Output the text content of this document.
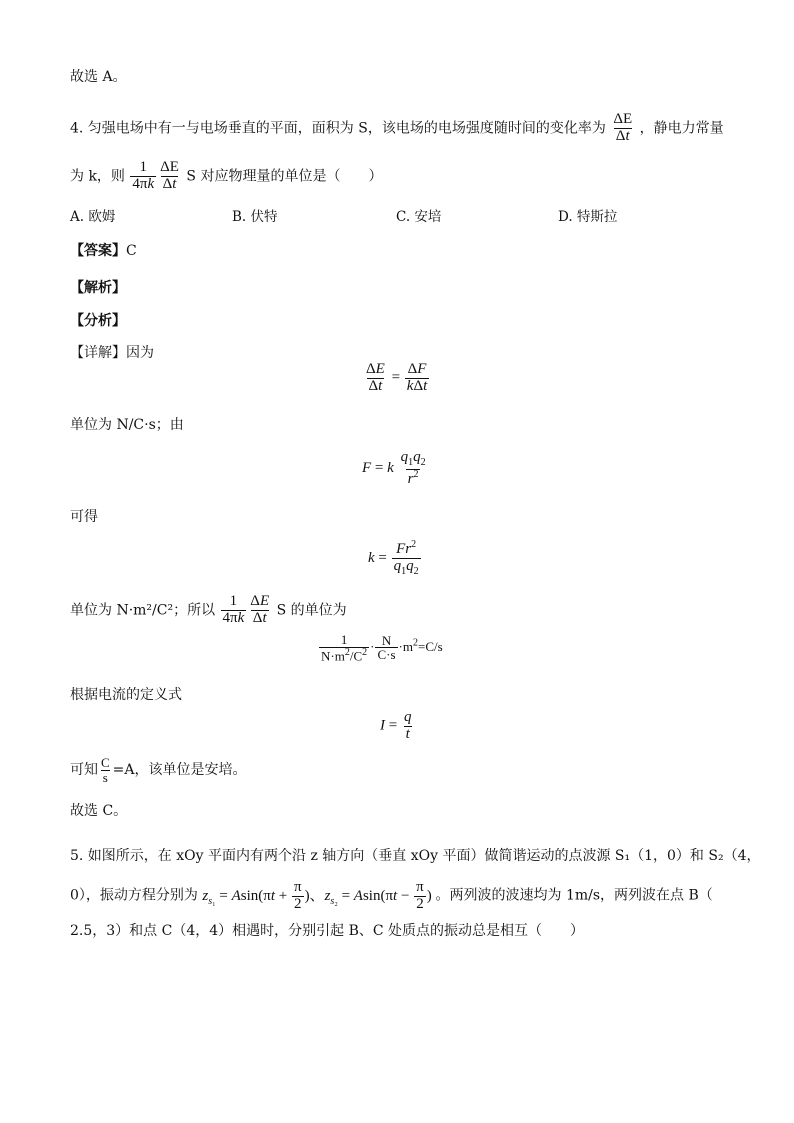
故选 A。
4. 匀强电场中有一与电场垂直的平面，面积为 S，该电场的电场强度随时间的变化率为 $\frac{\Delta E}{\Delta t}$ ，静电力常量
为 k，则 $\frac{1}{4\pi k} \frac{\Delta E}{\Delta t}$ S 对应物理量的单位是（　　）
A. 欧姆	B. 伏特	C. 安培	D. 特斯拉
【答案】C
【解析】
【分析】
【详解】因为
$\frac{\Delta E}{\Delta t} = \frac{\Delta F}{\text{kΔt}}$
单位为 N/C·s；由
F = k $\frac{q_1q_2}{r^2}$
可得
$k = \frac{Fr^2}{q_1q_2}$
单位为 N·m²/C²；所以 $\frac{1}{4\pi k} \frac{\Delta E}{\Delta t}$ S 的单位为
$\frac{1}{N\cdot m^2/C^2} \cdot \frac{N}{C\cdot s} \cdot m^2=C/s$
根据电流的定义式
$I = \frac{q}{t}$
可知 $\frac{C}{s} =A$，该单位是安培。
故选 C。
5. 如图所示，在 xOy 平面内有两个沿 z 轴方向（垂直 xOy 平面）做简谐运动的点波源 S₁（1，0）和 S₂（4，
0），振动方程分别为 $z_{s_1} = Asin(\pi t + \frac{\pi}{2}$ )、$z_{s_2} = Asin(\pi t - \frac{\pi}{2}$ ) 。两列波的波速均为 1m/s，两列波在点 B（
2.5，3）和点 C（4，4）相遇时，分别引起 B、C 处质点的振动总是相互（　　）
